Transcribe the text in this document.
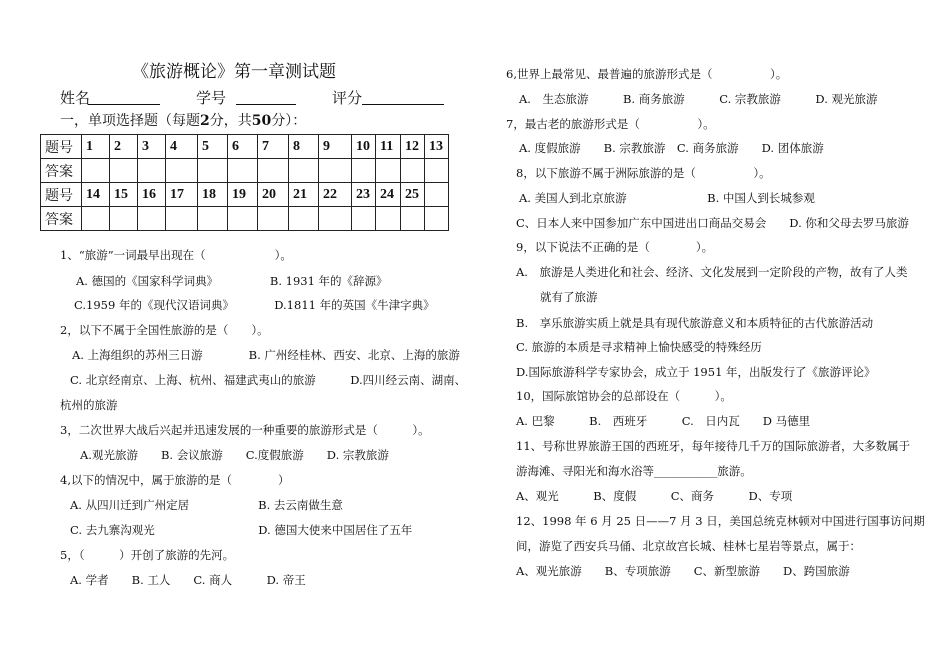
《旅游概论》第一章测试题
姓名	学号	评分
一，单项选择题（每题2分，共50分）：
题号	1	2	3	4	5	6	7	8	9	10	11	12	13
答案													
题号	14	15	16	17	18	19	20	21	22	23	24	25	
答案													
1、“旅游”一词最早出现在（　　　　　　）。
A. 德国的《国家科学词典》　　　　　B. 1931 年的《辞源》
C.1959 年的《现代汉语词典》　　　　D.1811 年的英国《牛津字典》
2，以下不属于全国性旅游的是（　　）。
A. 上海组织的苏州三日游　　　　B. 广州经桂林、西安、北京、上海的旅游
C. 北京经南京、上海、杭州、福建武夷山的旅游　　　D.四川经云南、湖南、
杭州的旅游
3，二次世界大战后兴起并迅速发展的一种重要的旅游形式是（　　　）。
A.观光旅游　　B. 会议旅游　　C.度假旅游　　D. 宗教旅游
4,以下的情况中，属于旅游的是（　　　　）
A. 从四川迁到广州定居　　　　　　B. 去云南做生意
C. 去九寨沟观光　　　　　　　　　D. 德国大使来中国居住了五年
5，（　　　）开创了旅游的先河。
A. 学者　　B. 工人　　C. 商人　　　D. 帝王
6,世界上最常见、最普遍的旅游形式是（　　　　　）。
A.　生态旅游　　　B. 商务旅游　　　C. 宗教旅游　　　D. 观光旅游
7，最古老的旅游形式是（　　　　　）。
A. 度假旅游　　B. 宗教旅游　C. 商务旅游　　D. 团体旅游
8，以下旅游不属于洲际旅游的是（　　　　　）。
A. 美国人到北京旅游　　　　　　　B. 中国人到长城参观
C、日本人来中国参加广东中国进出口商品交易会　　D. 你和父母去罗马旅游
9，以下说法不正确的是（　　　　）。
A.　旅游是人类进化和社会、经济、文化发展到一定阶段的产物，故有了人类
就有了旅游
B.　享乐旅游实质上就是具有现代旅游意义和本质特征的古代旅游活动
C. 旅游的本质是寻求精神上愉快感受的特殊经历
D.国际旅游科学专家协会，成立于 1951 年，出版发行了《旅游评论》
10，国际旅馆协会的总部设在（　　　）。
A. 巴黎　　　B.　西班牙　　　C.　日内瓦　　D 马德里
11、号称世界旅游王国的西班牙，每年接待几千万的国际旅游者，大多数属于
游海滩、寻阳光和海水浴等___________旅游。
A、观光　　　B、度假　　　C、商务　　　D、专项
12、1998 年 6 月 25 日——7 月 3 日，美国总统克林顿对中国进行国事访问期
间，游览了西安兵马俑、北京故宫长城、桂林七星岩等景点，属于：
A、观光旅游　　B、专项旅游　　C、新型旅游　　D、跨国旅游
